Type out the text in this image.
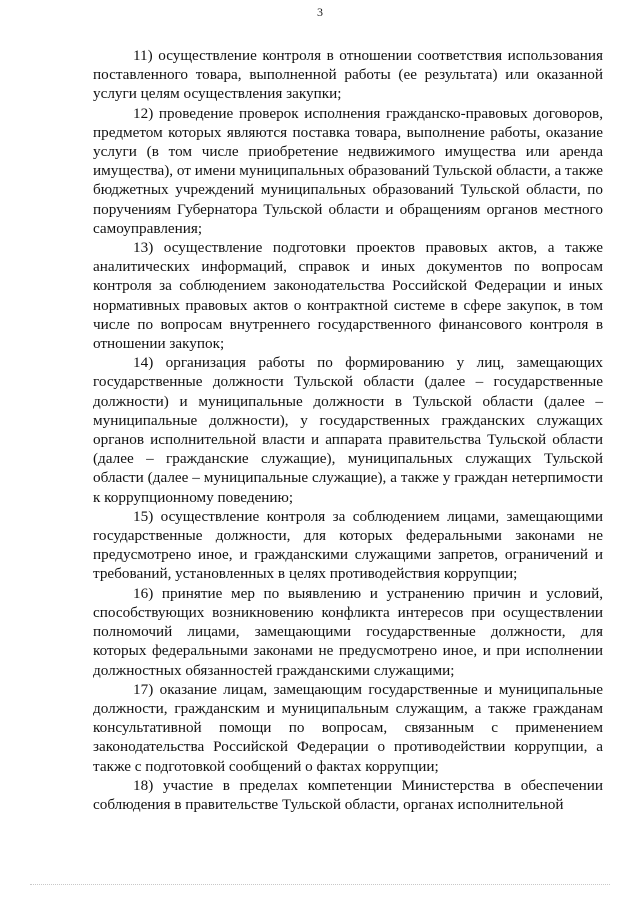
3

11) осуществление контроля в отношении соответствия использования поставленного товара, выполненной работы (ее результата) или оказанной услуги целям осуществления закупки;

12) проведение проверок исполнения гражданско-правовых договоров, предметом которых являются поставка товара, выполнение работы, оказание услуги (в том числе приобретение недвижимого имущества или аренда имущества), от имени муниципальных образований Тульской области, а также бюджетных учреждений муниципальных образований Тульской области, по поручениям Губернатора Тульской области и обращениям органов местного самоуправления;

13) осуществление подготовки проектов правовых актов, а также аналитических информаций, справок и иных документов по вопросам контроля за соблюдением законодательства Российской Федерации и иных нормативных правовых актов о контрактной системе в сфере закупок, в том числе по вопросам внутреннего государственного финансового контроля в отношении закупок;

14) организация работы по формированию у лиц, замещающих государственные должности Тульской области (далее – государственные должности) и муниципальные должности в Тульской области (далее – муниципальные должности), у государственных гражданских служащих органов исполнительной власти и аппарата правительства Тульской области (далее – гражданские служащие), муниципальных служащих Тульской области (далее – муниципальные служащие), а также у граждан нетерпимости к коррупционному поведению;

15) осуществление контроля за соблюдением лицами, замещающими государственные должности, для которых федеральными законами не предусмотрено иное, и гражданскими служащими запретов, ограничений и требований, установленных в целях противодействия коррупции;

16) принятие мер по выявлению и устранению причин и условий, способствующих возникновению конфликта интересов при осуществлении полномочий лицами, замещающими государственные должности, для которых федеральными законами не предусмотрено иное, и при исполнении должностных обязанностей гражданскими служащими;

17) оказание лицам, замещающим государственные и муниципальные должности, гражданским и муниципальным служащим, а также гражданам консультативной помощи по вопросам, связанным с применением законодательства Российской Федерации о противодействии коррупции, а также с подготовкой сообщений о фактах коррупции;

18) участие в пределах компетенции Министерства в обеспечении соблюдения в правительстве Тульской области, органах исполнительной
